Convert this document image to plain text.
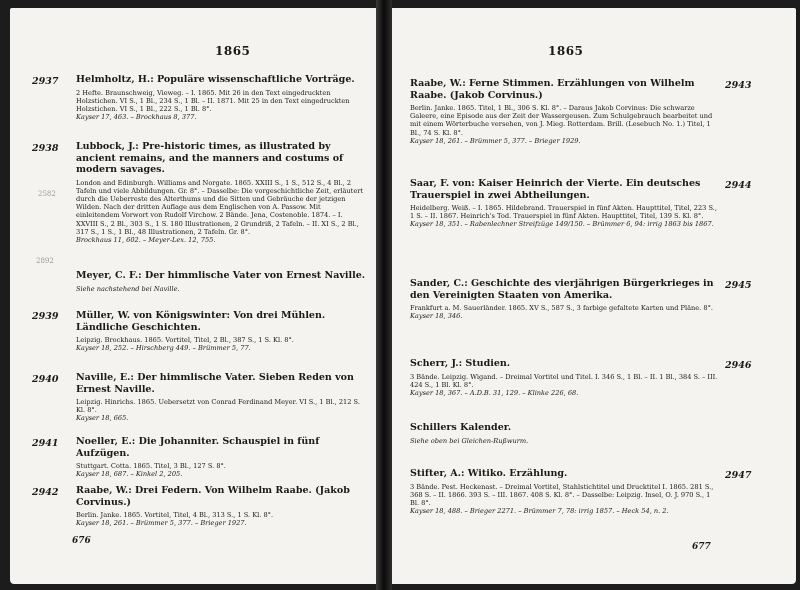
1865
2582
2892
2937 Helmholtz, H.: Populäre wissenschaftliche Vorträge.
2 Hefte. Braunschweig, Vieweg. – I. 1865. Mit 26 in den Text eingedruckten Holzstichen. VI S., 1 Bl., 234 S., 1 Bl. – II. 1871. Mit 25 in den Text eingedruckten Holzstichen. VI S., 1 Bl., 222 S., 1 Bl. 8°.
Kayser 17, 463. – Brockhaus 8, 377.
2938 Lubbock, J.: Pre-historic times, as illustrated by ancient remains, and the manners and costums of modern savages.
London and Edinburgh. Williams and Norgate. 1865. XXIII S., 1 S., 512 S., 4 Bl., 2 Tafeln und viele Abbildungen. Gr. 8°. – Dasselbe: Die vorgeschichtliche Zeit, erläutert durch die Ueberreste des Alterthums und die Sitten und Gebräuche der jetzigen Wilden. Nach der dritten Auflage aus dem Englischen von A. Passow. Mit einleitendem Vorwort von Rudolf Virchow. 2 Bände. Jena, Costenoble. 1874. – I. XXVIII S., 2 Bl., 303 S., 1 S. 180 Illustrationen, 2 Grundriß, 2 Tafeln. – II. XI S., 2 Bl., 317 S., 1 S., 1 Bl., 48 Illustrationen, 2 Tafeln. Gr. 8°.
Brockhaus 11, 602. – Meyer-Lex. 12, 755.
Meyer, C. F.: Der himmlische Vater von Ernest Naville.
Siehe nachstehend bei Naville.
2939 Müller, W. von Königswinter: Von drei Mühlen. Ländliche Geschichten.
Leipzig. Brockhaus. 1865. Vortitel, Titel, 2 Bl., 387 S., 1 S. Kl. 8°.
Kayser 18, 252. – Hirschberg 449. – Brümmer 5, 77.
2940 Naville, E.: Der himmlische Vater. Sieben Reden von Ernest Naville.
Leipzig. Hinrichs. 1865. Uebersetzt von Conrad Ferdinand Meyer. VI S., 1 Bl., 212 S. Kl. 8°.
Kayser 18, 665.
2941 Noeller, E.: Die Johanniter. Schauspiel in fünf Aufzügen.
Stuttgart. Cotta. 1865. Titel, 3 Bl., 127 S. 8°.
Kayser 18, 687. – Kinkel 2, 205.
2942 Raabe, W.: Drei Federn. Von Wilhelm Raabe. (Jakob Corvinus.)
Berlin. Janke. 1865. Vortitel, Titel, 4 Bl., 313 S., 1 S. Kl. 8°.
Kayser 18, 261. – Brümmer 5, 377. – Brieger 1927.
676
1865
2943
Raabe, W.: Ferne Stimmen. Erzählungen von Wilhelm Raabe. (Jakob Corvinus.)
Berlin. Janke. 1865. Titel, 1 Bl., 306 S. Kl. 8°. – Daraus Jakob Corvinus: Die schwarze Galeere, eine Episode aus der Zeit der Wassergeusen. Zum Schulgebrauch bearbeitet und mit einem Wörterbuche versehen, von J. Mieg. Rotterdam. Brill. (Lesebuch No. 1.) Titel, 1 Bl., 74 S. Kl. 8°.
Kayser 18, 261. – Brümmer 5, 377. – Brieger 1929.
2944
Saar, F. von: Kaiser Heinrich der Vierte. Ein deutsches Trauerspiel in zwei Abtheilungen.
Heidelberg. Weiß. – I. 1865. Hildebrand. Trauerspiel in fünf Akten. Haupttitel, Titel, 223 S., 1 S. – II. 1867. Heinrich's Tod. Trauerspiel in fünf Akten. Haupttitel, Titel, 139 S. Kl. 8°.
Kayser 18, 351. – Rabenlechner Streifzüge 149/150. – Brümmer 6, 94: irrig 1863 bis 1867.
2945
Sander, C.: Geschichte des vierjährigen Bürgerkrieges in den Vereinigten Staaten von Amerika.
Frankfurt a. M. Sauerländer. 1865. XV S., 587 S., 3 farbige gefaltete Karten und Pläne. 8°.
Kayser 18, 346.
2946
Scherr, J.: Studien.
3 Bände. Leipzig. Wigand. – Dreimal Vortitel und Titel. I. 346 S., 1 Bl. – II. 1 Bl., 384 S. – III. 424 S., 1 Bl. Kl. 8°.
Kayser 18, 367. – A.D.B. 31, 129. – Klinke 226, 68.
Schillers Kalender.
Siehe oben bei Gleichen-Rußwurm.
2947
Stifter, A.: Witiko. Erzählung.
3 Bände. Pest. Heckenast. – Dreimal Vortitel, Stahlstichtitel und Drucktitel I. 1865. 281 S., 368 S. – II. 1866. 393 S. – III. 1867. 408 S. Kl. 8°. – Dasselbe: Leipzig. Insel, O. J. 970 S., 1 Bl. 8°.
Kayser 18, 488. – Brieger 2271. – Brümmer 7, 78: irrig 1857. – Heck 54, n. 2.
677
